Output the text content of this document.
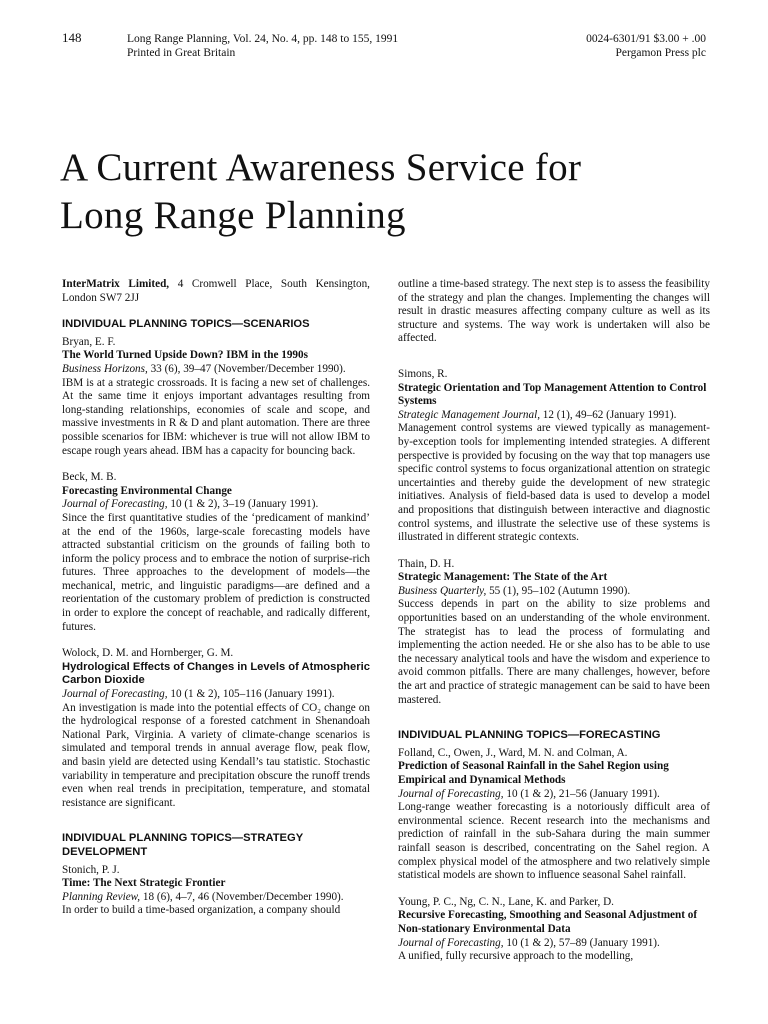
148	Long Range Planning, Vol. 24, No. 4, pp. 148 to 155, 1991
Printed in Great Britain
0024-6301/91 $3.00 + .00
Pergamon Press plc
A Current Awareness Service for
Long Range Planning

InterMatrix Limited, 4 Cromwell Place, South Kensington, London SW7 2JJ

INDIVIDUAL PLANNING TOPICS—SCENARIOS

Bryan, E. F.

The World Turned Upside Down? IBM in the 1990s

Business Horizons, 33 (6), 39–47 (November/December 1990).

IBM is at a strategic crossroads. It is facing a new set of challenges. At the same time it enjoys important advantages resulting from long-standing relationships, economies of scale and scope, and massive investments in R & D and plant automation. There are three possible scenarios for IBM: whichever is true will not allow IBM to escape rough years ahead. IBM has a capacity for bouncing back.

Beck, M. B.

Forecasting Environmental Change

Journal of Forecasting, 10 (1 & 2), 3–19 (January 1991).

Since the first quantitative studies of the ‘predicament of mankind’ at the end of the 1960s, large-scale forecasting models have attracted substantial criticism on the grounds of failing both to inform the policy process and to embrace the notion of surprise-rich futures. Three approaches to the development of models—the mechanical, metric, and linguistic paradigms—are defined and a reorientation of the customary problem of prediction is constructed in order to explore the concept of reachable, and radically different, futures.

Wolock, D. M. and Hornberger, G. M.

Hydrological Effects of Changes in Levels of Atmospheric Carbon Dioxide

Journal of Forecasting, 10 (1 & 2), 105–116 (January 1991).

An investigation is made into the potential effects of CO₂ change on the hydrological response of a forested catchment in Shenandoah National Park, Virginia. A variety of climate-change scenarios is simulated and temporal trends in annual average flow, peak flow, and basin yield are detected using Kendall’s tau statistic. Stochastic variability in temperature and precipitation obscure the runoff trends even when real trends in precipitation, temperature, and stomatal resistance are significant.

INDIVIDUAL PLANNING TOPICS—STRATEGY DEVELOPMENT

Stonich, P. J.

Time: The Next Strategic Frontier

Planning Review, 18 (6), 4–7, 46 (November/December 1990).

In order to build a time-based organization, a company should

outline a time-based strategy. The next step is to assess the feasibility of the strategy and plan the changes. Implementing the changes will result in drastic measures affecting company culture as well as its structure and systems. The way work is undertaken will also be affected.

Simons, R.

Strategic Orientation and Top Management Attention to Control Systems

Strategic Management Journal, 12 (1), 49–62 (January 1991).

Management control systems are viewed typically as management-by-exception tools for implementing intended strategies. A different perspective is provided by focusing on the way that top managers use specific control systems to focus organizational attention on strategic uncertainties and thereby guide the development of new strategic initiatives. Analysis of field-based data is used to develop a model and propositions that distinguish between interactive and diagnostic control systems, and illustrate the selective use of these systems is illustrated in different strategic contexts.

Thain, D. H.

Strategic Management: The State of the Art

Business Quarterly, 55 (1), 95–102 (Autumn 1990).

Success depends in part on the ability to size problems and opportunities based on an understanding of the whole environment. The strategist has to lead the process of formulating and implementing the action needed. He or she also has to be able to use the necessary analytical tools and have the wisdom and experience to avoid common pitfalls. There are many challenges, however, before the art and practice of strategic management can be said to have been mastered.

INDIVIDUAL PLANNING TOPICS—FORECASTING

Folland, C., Owen, J., Ward, M. N. and Colman, A.

Prediction of Seasonal Rainfall in the Sahel Region using Empirical and Dynamical Methods

Journal of Forecasting, 10 (1 & 2), 21–56 (January 1991).

Long-range weather forecasting is a notoriously difficult area of environmental science. Recent research into the mechanisms and prediction of rainfall in the sub-Sahara during the main summer rainfall season is described, concentrating on the Sahel region. A complex physical model of the atmosphere and two relatively simple statistical models are shown to influence seasonal Sahel rainfall.

Young, P. C., Ng, C. N., Lane, K. and Parker, D.

Recursive Forecasting, Smoothing and Seasonal Adjustment of Non-stationary Environmental Data

Journal of Forecasting, 10 (1 & 2), 57–89 (January 1991).

A unified, fully recursive approach to the modelling,
